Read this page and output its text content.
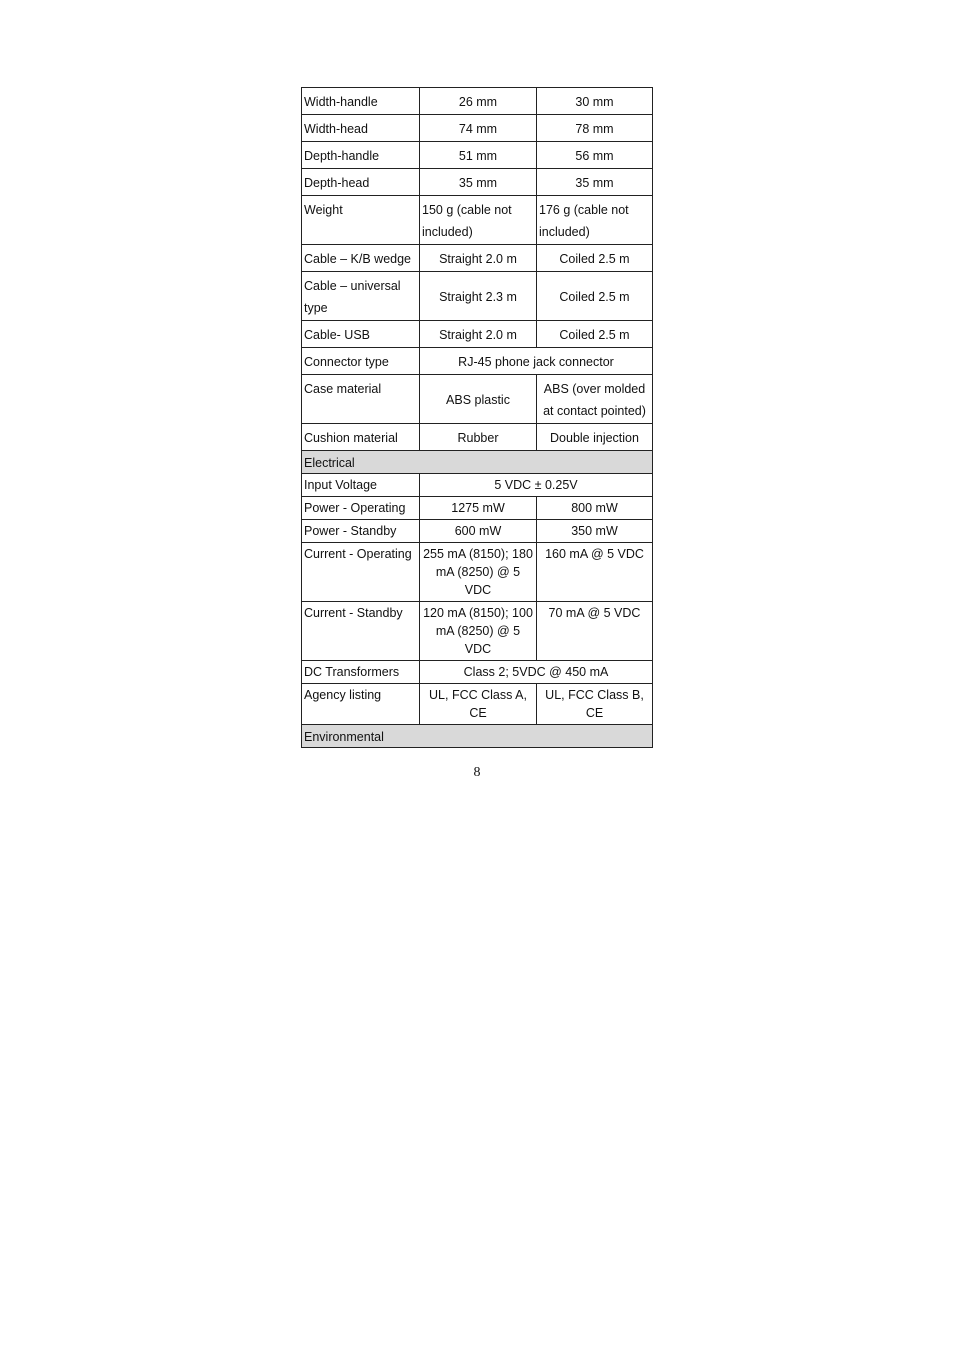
Width-handle	26 mm	30 mm
Width-head	74 mm	78 mm
Depth-handle	51 mm	56 mm
Depth-head	35 mm	35 mm
Weight	150 g (cable not included)	176 g (cable not included)
Cable – K/B wedge	Straight 2.0 m	Coiled 2.5 m
Cable – universal type	Straight 2.3 m	Coiled 2.5 m
Cable- USB	Straight 2.0 m	Coiled 2.5 m
Connector type	RJ-45 phone jack connector	
Case material	ABS plastic	ABS (over molded at contact pointed)
Cushion material	Rubber	Double injection
Electrical		
Input Voltage	5 VDC ± 0.25V	
Power - Operating	1275 mW	800 mW
Power - Standby	600 mW	350 mW
Current - Operating	255 mA (8150); 180 mA (8250) @ 5 VDC	160 mA @ 5 VDC
Current - Standby	120 mA (8150); 100 mA (8250) @ 5 VDC	70 mA @ 5 VDC
DC Transformers	Class 2; 5VDC @ 450 mA	
Agency listing	UL, FCC Class A, CE	UL, FCC Class B, CE
Environmental		
8
